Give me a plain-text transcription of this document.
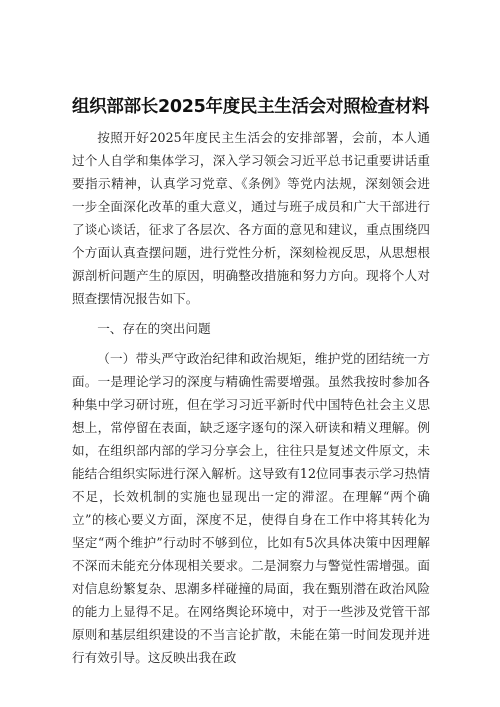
组织部部长2025年度民主生活会对照检查材料

按照开好2025年度民主生活会的安排部署，会前，本人通过个人自学和集体学习，深入学习领会习近平总书记重要讲话重要指示精神，认真学习党章、《条例》等党内法规，深刻领会进一步全面深化改革的重大意义，通过与班子成员和广大干部进行了谈心谈话，征求了各层次、各方面的意见和建议，重点围绕四个方面认真查摆问题，进行党性分析，深刻检视反思，从思想根源剖析问题产生的原因，明确整改措施和努力方向。现将个人对照查摆情况报告如下。

一、存在的突出问题

（一）带头严守政治纪律和政治规矩，维护党的团结统一方面。一是理论学习的深度与精确性需要增强。虽然我按时参加各种集中学习研讨班，但在学习习近平新时代中国特色社会主义思想上，常停留在表面，缺乏逐字逐句的深入研读和精义理解。例如，在组织部内部的学习分享会上，往往只是复述文件原文，未能结合组织实际进行深入解析。这导致有12位同事表示学习热情不足，长效机制的实施也显现出一定的滞涩。在理解“两个确立”的核心要义方面，深度不足，使得自身在工作中将其转化为坚定“两个维护”行动时不够到位，比如有5次具体决策中因理解不深而未能充分体现相关要求。二是洞察力与警觉性需增强。面对信息纷繁复杂、思潮多样碰撞的局面，我在甄别潜在政治风险的能力上显得不足。在网络舆论环境中，对于一些涉及党管干部原则和基层组织建设的不当言论扩散，未能在第一时间发现并进行有效引导。这反映出我在政
